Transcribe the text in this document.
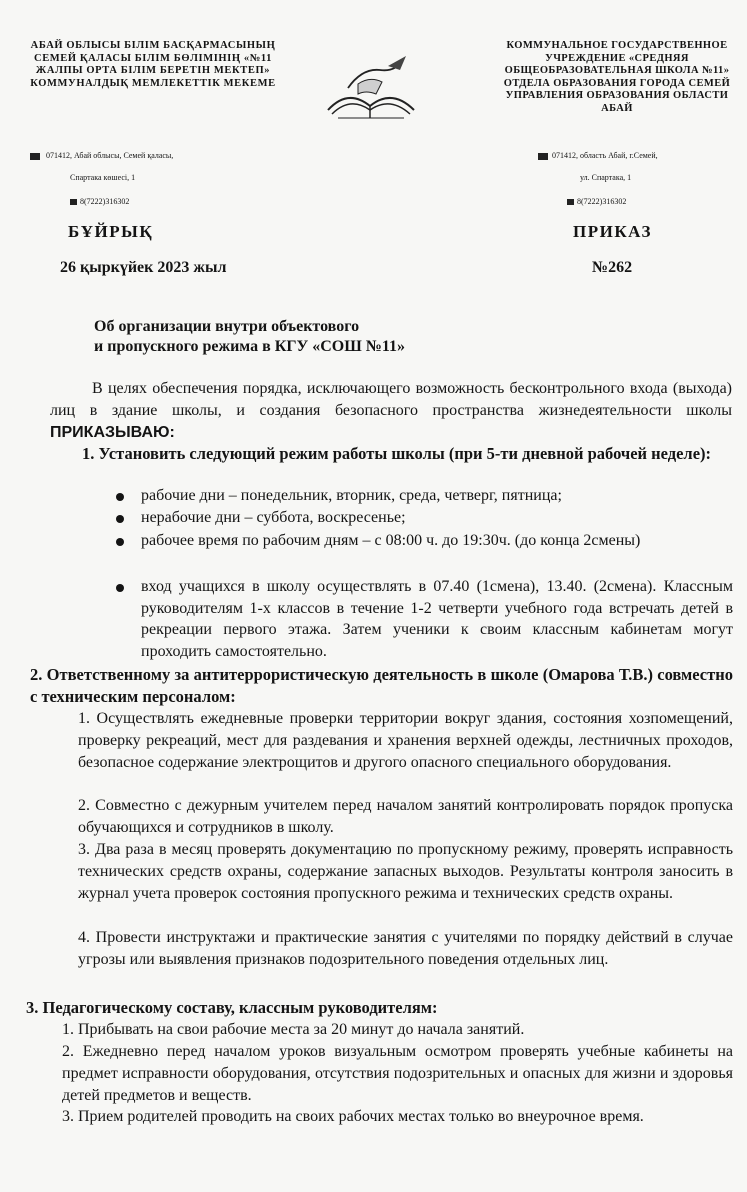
АБАЙ ОБЛЫСЫ БІЛІМ БАСҚАРМАСЫНЫҢ СЕМЕЙ ҚАЛАСЫ БІЛІМ БӨЛІМІНІҢ «№11 ЖАЛПЫ ОРТА БІЛІМ БЕРЕТІН МЕКТЕП» КОММУНАЛДЫҚ МЕМЛЕКЕТТІК МЕКЕМЕ
КОММУНАЛЬНОЕ ГОСУДАРСТВЕННОЕ УЧРЕЖДЕНИЕ «СРЕДНЯЯ ОБЩЕОБРАЗОВАТЕЛЬНАЯ ШКОЛА №11» ОТДЕЛА ОБРАЗОВАНИЯ ГОРОДА СЕМЕЙ УПРАВЛЕНИЯ ОБРАЗОВАНИЯ ОБЛАСТИ АБАЙ
071412, Абай облысы, Семей қаласы,
Спартака көшесі, 1
8(7222)316302
071412, область Абай, г.Семей,
ул. Спартака, 1
8(7222)316302
БҰЙРЫҚ	ПРИКАЗ
26 қыркүйек 2023 жыл	№262
Об организации внутри объектового
и пропускного режима в КГУ «СОШ №11»
В целях обеспечения порядка, исключающего возможность бесконтрольного входа (выхода) лиц в здание школы, и создания безопасного пространства жизнедеятельности школы ПРИКАЗЫВАЮ:
1. Установить следующий режим работы школы (при 5-ти дневной рабочей неделе):
рабочие дни – понедельник, вторник, среда, четверг, пятница;
нерабочие дни – суббота, воскресенье;
рабочее время по рабочим дням – с 08:00 ч. до 19:30ч. (до конца 2смены)
вход учащихся в школу осуществлять в 07.40 (1смена), 13.40. (2смена). Классным руководителям 1-х классов в течение 1-2 четверти учебного года встречать детей в рекреации первого этажа. Затем ученики к своим классным кабинетам могут проходить самостоятельно.
2. Ответственному за антитеррористическую деятельность в школе (Омарова Т.В.) совместно с техническим персоналом:
1. Осуществлять ежедневные проверки территории вокруг здания, состояния хозпомещений, проверку рекреаций, мест для раздевания и хранения верхней одежды, лестничных проходов, безопасное содержание электрощитов и другого опасного специального оборудования.
2. Совместно с дежурным учителем перед началом занятий контролировать порядок пропуска обучающихся и сотрудников в школу.
3. Два раза в месяц проверять документацию по пропускному режиму, проверять исправность технических средств охраны, содержание запасных выходов. Результаты контроля заносить в журнал учета проверок состояния пропускного режима и технических средств охраны.
4. Провести инструктажи и практические занятия с учителями по порядку действий в случае угрозы или выявления признаков подозрительного поведения отдельных лиц.
3. Педагогическому составу, классным руководителям:
1. Прибывать на свои рабочие места за 20 минут до начала занятий.
2. Ежедневно перед началом уроков визуальным осмотром проверять учебные кабинеты на предмет исправности оборудования, отсутствия подозрительных и опасных для жизни и здоровья детей предметов и веществ.
3. Прием родителей проводить на своих рабочих местах только во внеурочное время.
